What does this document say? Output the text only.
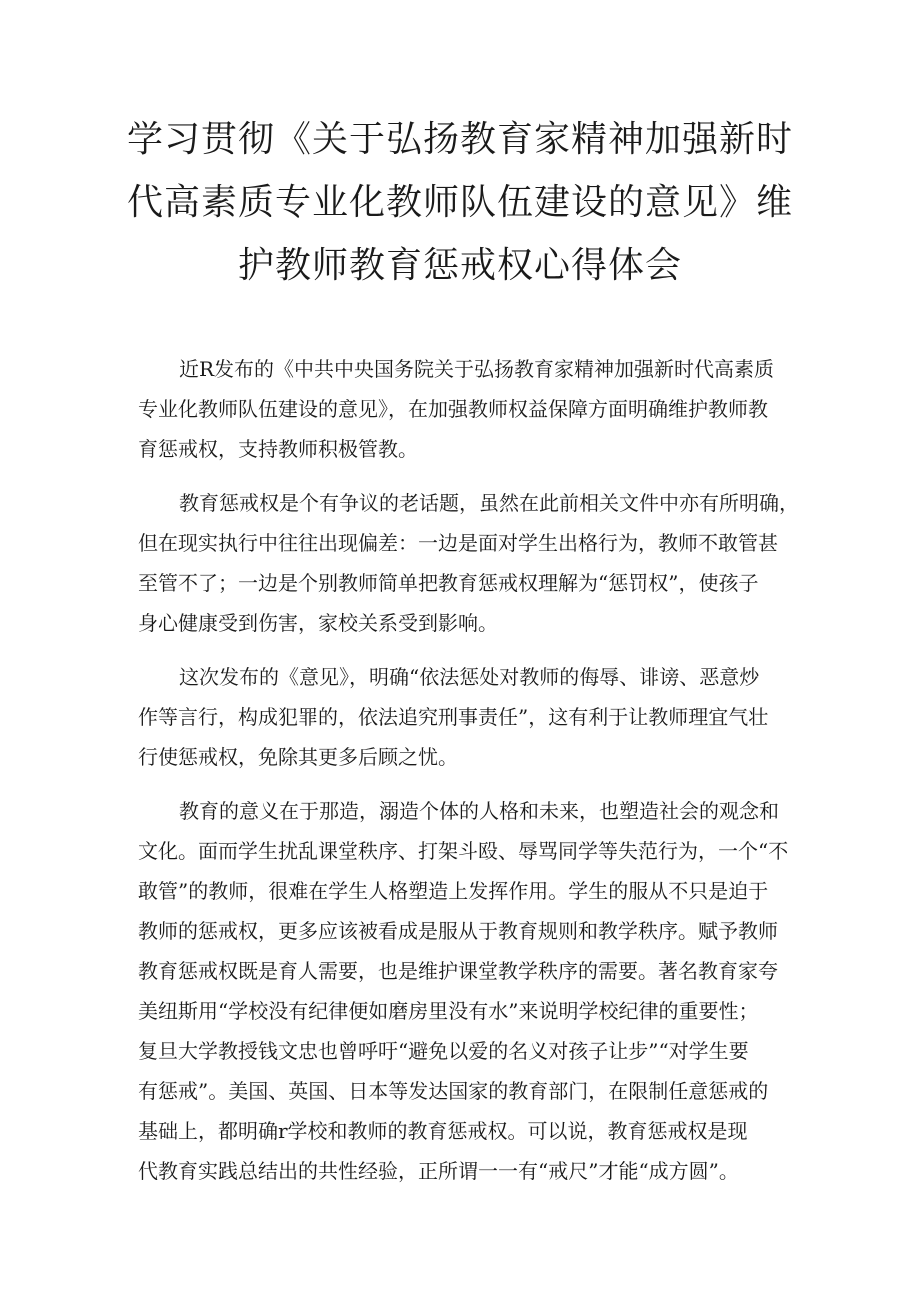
学习贯彻《关于弘扬教育家精神加强新时
代高素质专业化教师队伍建设的意见》维
护教师教育惩戒权心得体会

近R发布的《中共中央国务院关于弘扬教育家精神加强新时代高素质
专业化教师队伍建设的意见》，在加强教师权益保障方面明确维护教师教
育惩戒权，支持教师积极管教。

教育惩戒权是个有争议的老话题，虽然在此前相关文件中亦有所明确，
但在现实执行中往往出现偏差：一边是面对学生出格行为，教师不敢管甚
至管不了；一边是个别教师简单把教育惩戒权理解为“惩罚权”，使孩子
身心健康受到伤害，家校关系受到影响。

这次发布的《意见》，明确“依法惩处对教师的侮辱、诽谤、恶意炒
作等言行，构成犯罪的，依法追究刑事责任”，这有利于让教师理宜气壮
行使惩戒权，免除其更多后顾之忧。

教育的意义在于那造，溺造个体的人格和未来，也塑造社会的观念和
文化。面而学生扰乱课堂秩序、打架斗殴、辱骂同学等失范行为，一个“不
敢管”的教师，很难在学生人格塑造上发挥作用。学生的服从不只是迫于
教师的惩戒权，更多应该被看成是服从于教育规则和教学秩序。赋予教师
教育惩戒权既是育人需要，也是维护课堂教学秩序的需要。著名教育家夸
美纽斯用“学校没有纪律便如磨房里没有水”来说明学校纪律的重要性；
复旦大学教授钱文忠也曾呼吁“避免以爱的名义对孩子让步”“对学生要
有惩戒”。美国、英国、日本等发达国家的教育部门，在限制任意惩戒的
基础上，都明确r学校和教师的教育惩戒权。可以说，教育惩戒权是现
代教育实践总结出的共性经验，正所谓一一有“戒尺”才能“成方圆”。
